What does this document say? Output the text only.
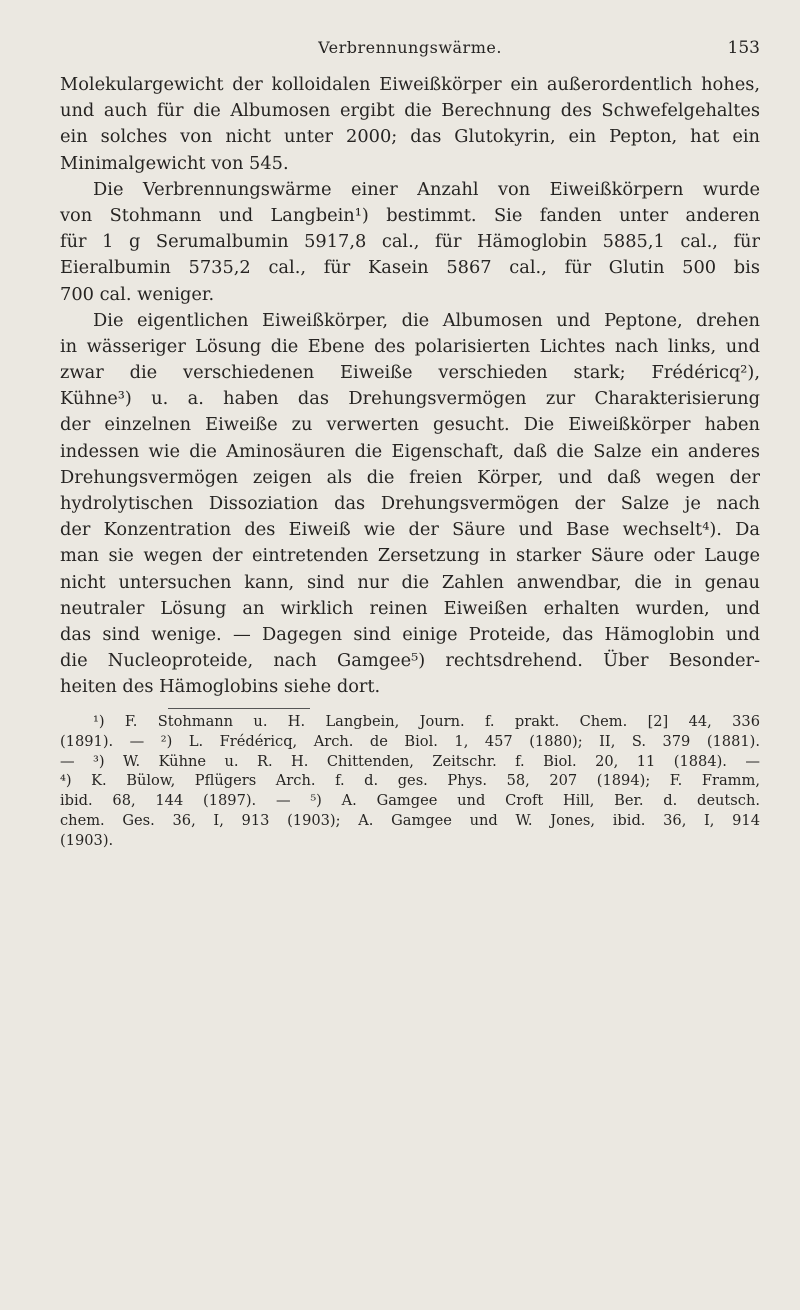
Verbrennungswärme.	153
Molekulargewicht der kolloidalen Eiweißkörper ein außerordentlich hohes,
und auch für die Albumosen ergibt die Berechnung des Schwefelgehaltes
ein solches von nicht unter 2000; das Glutokyrin, ein Pepton, hat ein
Minimalgewicht von 545.
Die Verbrennungswärme einer Anzahl von Eiweißkörpern wurde
von Stohmann und Langbein¹) bestimmt. Sie fanden unter anderen
für 1 g Serumalbumin 5917,8 cal., für Hämoglobin 5885,1 cal., für
Eieralbumin 5735,2 cal., für Kasein 5867 cal., für Glutin 500 bis
700 cal. weniger.
Die eigentlichen Eiweißkörper, die Albumosen und Peptone, drehen
in wässeriger Lösung die Ebene des polarisierten Lichtes nach links, und
zwar die verschiedenen Eiweiße verschieden stark; Frédéricq²),
Kühne³) u. a. haben das Drehungsvermögen zur Charakterisierung
der einzelnen Eiweiße zu verwerten gesucht. Die Eiweißkörper haben
indessen wie die Aminosäuren die Eigenschaft, daß die Salze ein anderes
Drehungsvermögen zeigen als die freien Körper, und daß wegen der
hydrolytischen Dissoziation das Drehungsvermögen der Salze je nach
der Konzentration des Eiweiß wie der Säure und Base wechselt⁴). Da
man sie wegen der eintretenden Zersetzung in starker Säure oder Lauge
nicht untersuchen kann, sind nur die Zahlen anwendbar, die in genau
neutraler Lösung an wirklich reinen Eiweißen erhalten wurden, und
das sind wenige. — Dagegen sind einige Proteide, das Hämoglobin und
die Nucleoproteide, nach Gamgee⁵) rechtsdrehend. Über Besonder-
heiten des Hämoglobins siehe dort.
¹) F. Stohmann u. H. Langbein, Journ. f. prakt. Chem. [2] 44, 336
(1891). — ²) L. Frédéricq, Arch. de Biol. 1, 457 (1880); II, S. 379 (1881).
— ³) W. Kühne u. R. H. Chittenden, Zeitschr. f. Biol. 20, 11 (1884). —
⁴) K. Bülow, Pflügers Arch. f. d. ges. Phys. 58, 207 (1894); F. Framm,
ibid. 68, 144 (1897). — ⁵) A. Gamgee und Croft Hill, Ber. d. deutsch.
chem. Ges. 36, I, 913 (1903); A. Gamgee und W. Jones, ibid. 36, I, 914
(1903).
